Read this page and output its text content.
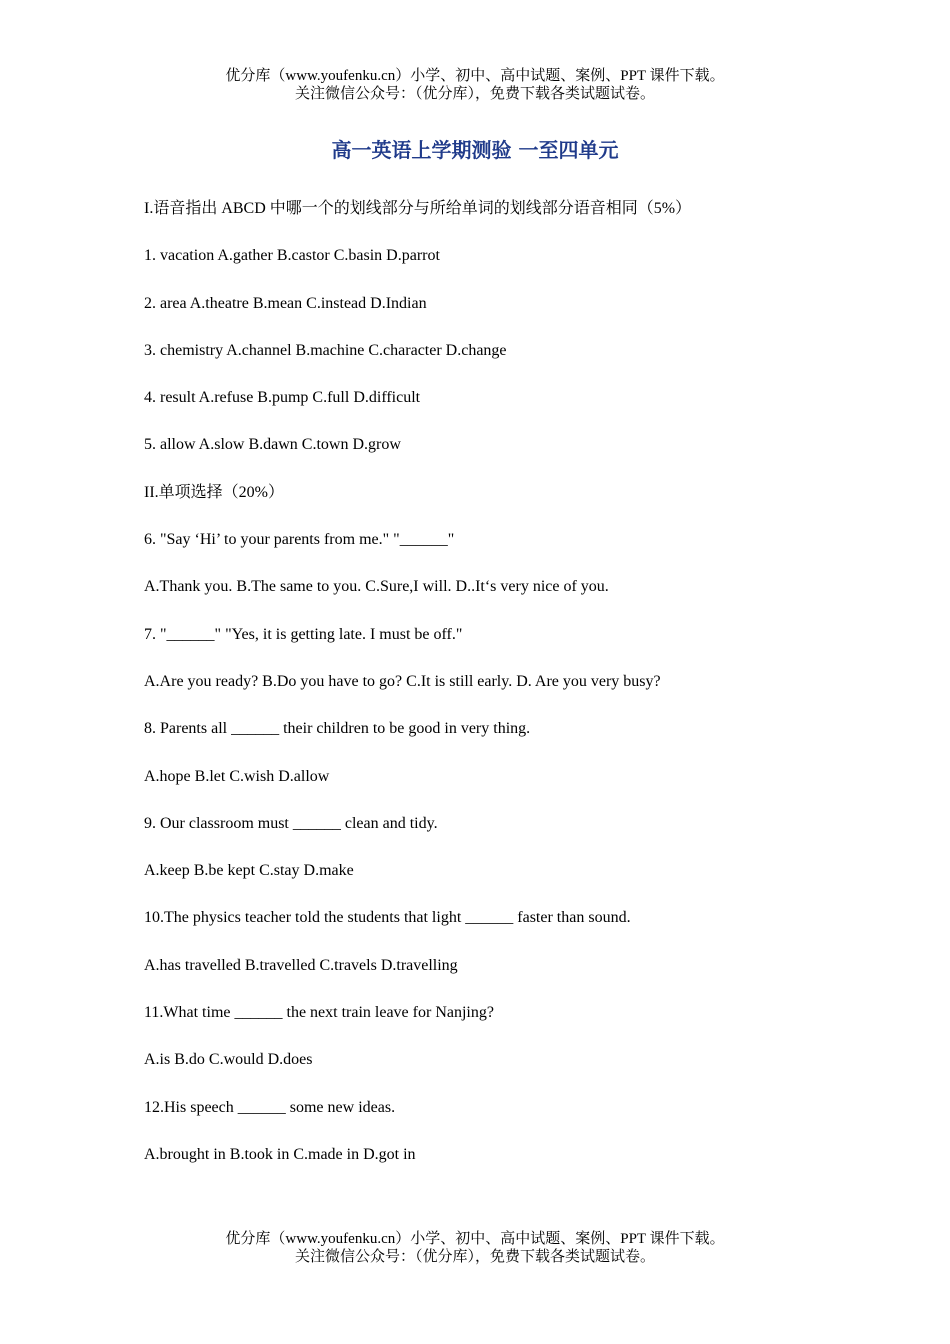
优分库（www.youfenku.cn）小学、初中、高中试题、案例、PPT 课件下载。
关注微信公众号：（优分库），免费下载各类试题试卷。
高一英语上学期测验 一至四单元
I.语音指出 ABCD 中哪一个的划线部分与所给单词的划线部分语音相同（5%）
1. vacation A.gather B.castor C.basin D.parrot
2. area A.theatre B.mean C.instead D.Indian
3. chemistry A.channel B.machine C.character D.change
4. result A.refuse B.pump C.full D.difficult
5. allow A.slow B.dawn C.town D.grow
II.单项选择（20%）
6. "Say ‘Hi’ to your parents from me." "______"
A.Thank you. B.The same to you. C.Sure,I will. D..It‘s very nice of you.
7. "______" "Yes, it is getting late. I must be off."
A.Are you ready? B.Do you have to go? C.It is still early. D. Are you very busy?
8. Parents all ______ their children to be good in very thing.
A.hope B.let C.wish D.allow
9. Our classroom must ______ clean and tidy.
A.keep B.be kept C.stay D.make
10.The physics teacher told the students that light ______ faster than sound.
A.has travelled B.travelled C.travels D.travelling
11.What time ______ the next train leave for Nanjing?
A.is B.do C.would D.does
12.His speech ______ some new ideas.
A.brought in B.took in C.made in D.got in
优分库（www.youfenku.cn）小学、初中、高中试题、案例、PPT 课件下载。
关注微信公众号：（优分库），免费下载各类试题试卷。
